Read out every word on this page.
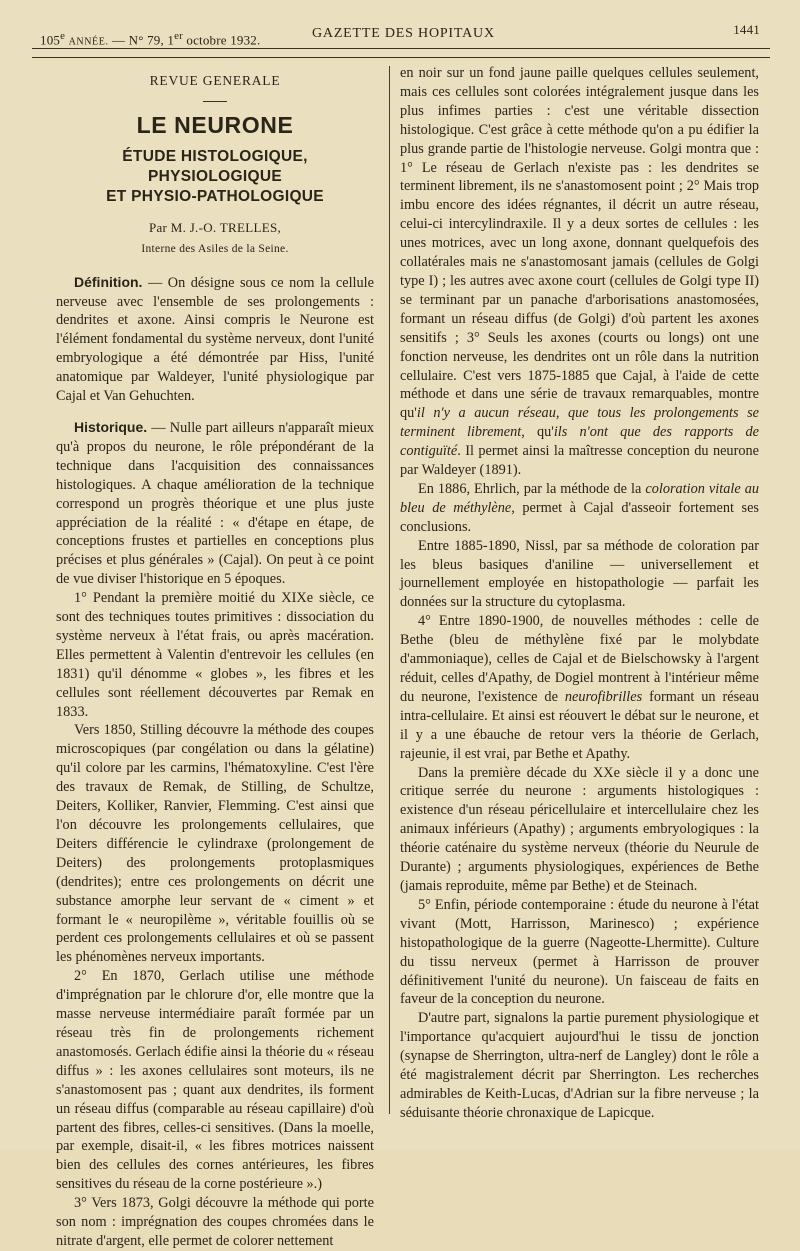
105e ANNÉE. — N° 79, 1er octobre 1932.	GAZETTE DES HOPITAUX	1441
REVUE GENERALE
LE NEURONE
ÉTUDE HISTOLOGIQUE, PHYSIOLOGIQUE
ET PHYSIO-PATHOLOGIQUE
Par M. J.-O. TRELLES,
Interne des Asiles de la Seine.

Définition. — On désigne sous ce nom la cellule nerveuse avec l'ensemble de ses prolongements : dendrites et axone. Ainsi compris le Neurone est l'élément fondamental du système nerveux, dont l'unité embryologique a été démontrée par Hiss, l'unité anatomique par Waldeyer, l'unité physiologique par Cajal et Van Gehuchten.

Historique. — Nulle part ailleurs n'apparaît mieux qu'à propos du neurone, le rôle prépondérant de la technique dans l'acquisition des connaissances histologiques. A chaque amélioration de la technique correspond un progrès théorique et une plus juste appréciation de la réalité : « d'étape en étape, de conceptions frustes et partielles en conceptions plus précises et plus générales » (Cajal). On peut à ce point de vue diviser l'historique en 5 époques.

1° Pendant la première moitié du XIXe siècle, ce sont des techniques toutes primitives : dissociation du système nerveux à l'état frais, ou après macération. Elles permettent à Valentin d'entrevoir les cellules (en 1831) qu'il dénomme « globes », les fibres et les cellules sont réellement découvertes par Remak en 1833.

Vers 1850, Stilling découvre la méthode des coupes microscopiques (par congélation ou dans la gélatine) qu'il colore par les carmins, l'hématoxyline. C'est l'ère des travaux de Remak, de Stilling, de Schultze, Deiters, Kolliker, Ranvier, Flemming. C'est ainsi que l'on découvre les prolongements cellulaires, que Deiters différencie le cylindraxe (prolongement de Deiters) des prolongements protoplasmiques (dendrites); entre ces prolongements on décrit une substance amorphe leur servant de « ciment » et formant le « neuropilème », véritable fouillis où se perdent ces prolongements cellulaires et où se passent les phénomènes nerveux importants.

2° En 1870, Gerlach utilise une méthode d'imprégnation par le chlorure d'or, elle montre que la masse nerveuse intermédiaire paraît formée par un réseau très fin de prolongements richement anastomosés. Gerlach édifie ainsi la théorie du « réseau diffus » : les axones cellulaires sont moteurs, ils ne s'anastomosent pas ; quant aux dendrites, ils forment un réseau diffus (comparable au réseau capillaire) d'où partent des fibres, celles-ci sensitives. (Dans la moelle, par exemple, disait-il, « les fibres motrices naissent bien des cellules des cornes antérieures, les fibres sensitives du réseau de la corne postérieure ».)

3° Vers 1873, Golgi découvre la méthode qui porte son nom : imprégnation des coupes chromées dans le nitrate d'argent, elle permet de colorer nettement

en noir sur un fond jaune paille quelques cellules seulement, mais ces cellules sont colorées intégralement jusque dans les plus infimes parties : c'est une véritable dissection histologique. C'est grâce à cette méthode qu'on a pu édifier la plus grande partie de l'histologie nerveuse. Golgi montra que : 1° Le réseau de Gerlach n'existe pas : les dendrites se terminent librement, ils ne s'anastomosent point ; 2° Mais trop imbu encore des idées régnantes, il décrit un autre réseau, celui-ci intercylindraxile. Il y a deux sortes de cellules : les unes motrices, avec un long axone, donnant quelquefois des collatérales mais ne s'anastomosant jamais (cellules de Golgi type I) ; les autres avec axone court (cellules de Golgi type II) se terminant par un panache d'arborisations anastomosées, formant un réseau diffus (de Golgi) d'où partent les axones sensitifs ; 3° Seuls les axones (courts ou longs) ont une fonction nerveuse, les dendrites ont un rôle dans la nutrition cellulaire. C'est vers 1875-1885 que Cajal, à l'aide de cette méthode et dans une série de travaux remarquables, montre qu'il n'y a aucun réseau, que tous les prolongements se terminent librement, qu'ils n'ont que des rapports de contiguïté. Il permet ainsi la maîtresse conception du neurone par Waldeyer (1891).

En 1886, Ehrlich, par la méthode de la coloration vitale au bleu de méthylène, permet à Cajal d'asseoir fortement ses conclusions.

Entre 1885-1890, Nissl, par sa méthode de coloration par les bleus basiques d'aniline — universellement et journellement employée en histopathologie — parfait les données sur la structure du cytoplasma.

4° Entre 1890-1900, de nouvelles méthodes : celle de Bethe (bleu de méthylène fixé par le molybdate d'ammoniaque), celles de Cajal et de Bielschowsky à l'argent réduit, celles d'Apathy, de Dogiel montrent à l'intérieur même du neurone, l'existence de neurofibrilles formant un réseau intra-cellulaire. Et ainsi est réouvert le débat sur le neurone, et il y a une ébauche de retour vers la théorie de Gerlach, rajeunie, il est vrai, par Bethe et Apathy.

Dans la première décade du XXe siècle il y a donc une critique serrée du neurone : arguments histologiques : existence d'un réseau péricellulaire et intercellulaire chez les animaux inférieurs (Apathy) ; arguments embryologiques : la théorie caténaire du système nerveux (théorie du Neurule de Durante) ; arguments physiologiques, expériences de Bethe (jamais reproduite, même par Bethe) et de Steinach.

5° Enfin, période contemporaine : étude du neurone à l'état vivant (Mott, Harrisson, Marinesco) ; expérience histopathologique de la guerre (Nageotte-Lhermitte). Culture du tissu nerveux (permet à Harrisson de prouver définitivement l'unité du neurone). Un faisceau de faits en faveur de la conception du neurone.

D'autre part, signalons la partie purement physiologique et l'importance qu'acquiert aujourd'hui le tissu de jonction (synapse de Sherrington, ultra-nerf de Langley) dont le rôle a été magistralement décrit par Sherrington. Les recherches admirables de Keith-Lucas, d'Adrian sur la fibre nerveuse ; la séduisante théorie chronaxique de Lapicque.
